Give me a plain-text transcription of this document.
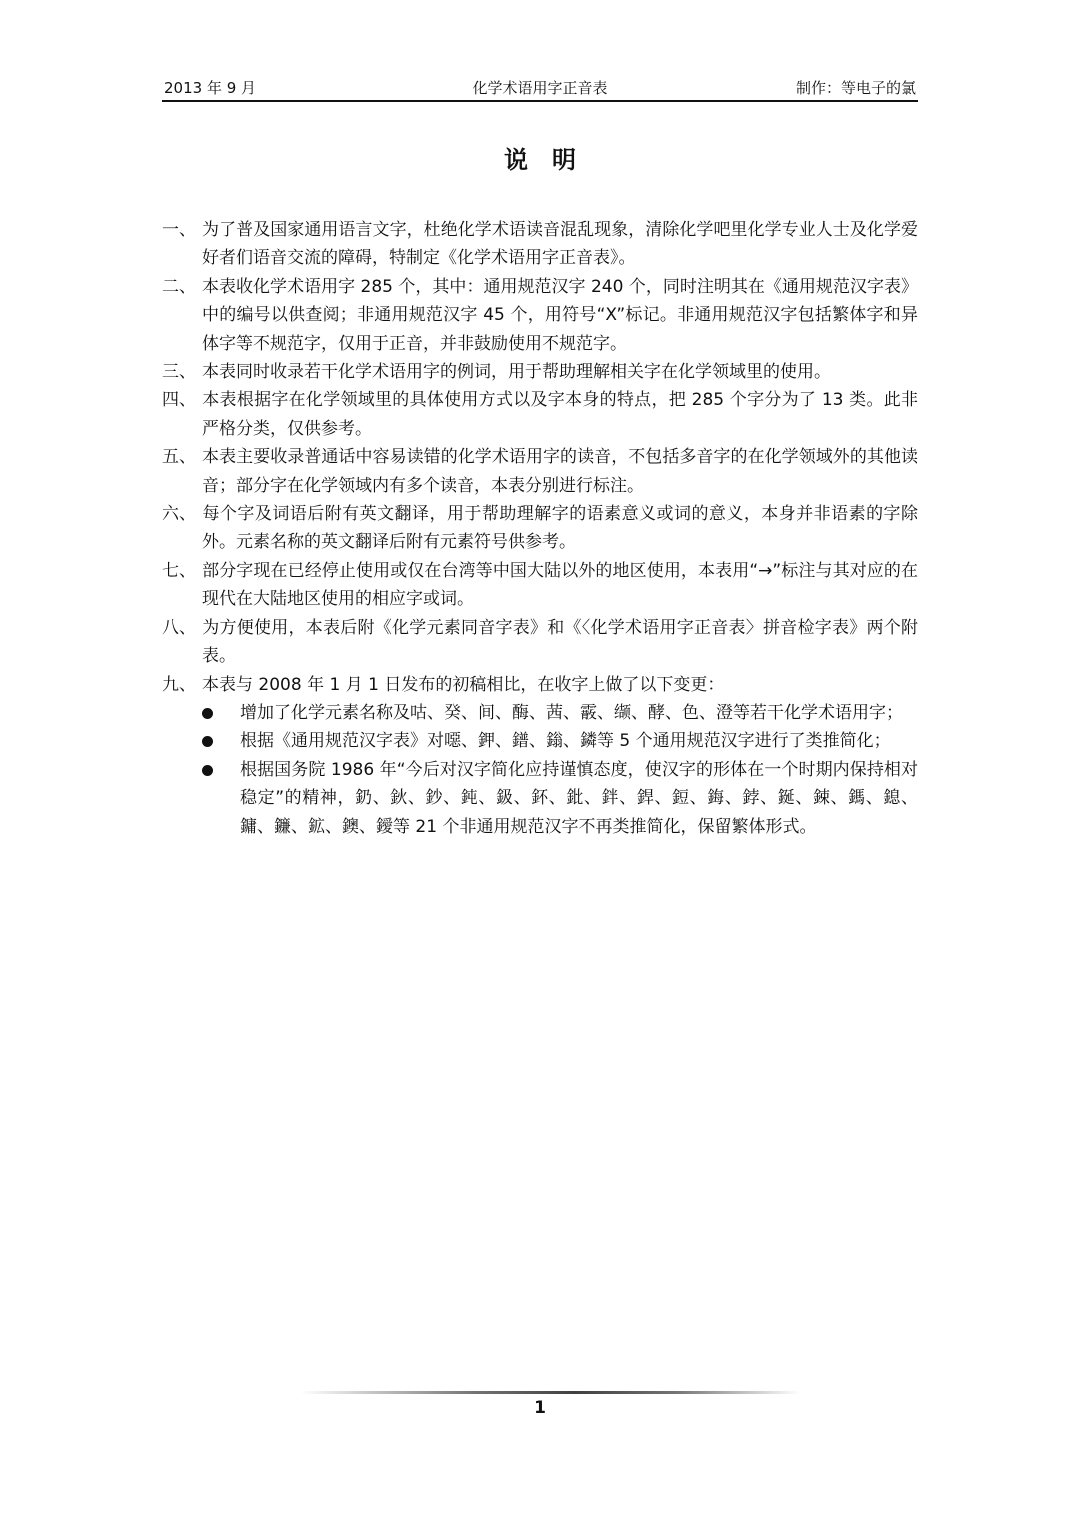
2013 年 9 月	化学术语用字正音表	制作：等电子的氯
说明

一、 为了普及国家通用语言文字，杜绝化学术语读音混乱现象，清除化学吧里化学专业人士及化学爱好者们语音交流的障碍，特制定《化学术语用字正音表》。

二、 本表收化学术语用字 285 个，其中：通用规范汉字 240 个，同时注明其在《通用规范汉字表》中的编号以供查阅；非通用规范汉字 45 个，用符号“X”标记。非通用规范汉字包括繁体字和异体字等不规范字，仅用于正音，并非鼓励使用不规范字。

三、 本表同时收录若干化学术语用字的例词，用于帮助理解相关字在化学领域里的使用。

四、 本表根据字在化学领域里的具体使用方式以及字本身的特点，把 285 个字分为了 13 类。此非严格分类，仅供参考。

五、 本表主要收录普通话中容易读错的化学术语用字的读音，不包括多音字的在化学领域外的其他读音；部分字在化学领域内有多个读音，本表分别进行标注。

六、 每个字及词语后附有英文翻译，用于帮助理解字的语素意义或词的意义，本身并非语素的字除外。元素名称的英文翻译后附有元素符号供参考。

七、 部分字现在已经停止使用或仅在台湾等中国大陆以外的地区使用，本表用“→”标注与其对应的在现代在大陆地区使用的相应字或词。

八、 为方便使用，本表后附《化学元素同音字表》和《〈化学术语用字正音表〉拼音检字表》两个附表。

九、 本表与 2008 年 1 月 1 日发布的初稿相比，在收字上做了以下变更：

增加了化学元素名称及咕、癸、间、酶、茜、霰、缬、酵、色、澄等若干化学术语用字；
根据《通用规范汉字表》对噁、鉀、鐠、鎓、鏻等 5 个通用规范汉字进行了类推简化；
根据国务院 1986 年“今后对汉字简化应持谨慎态度，使汉字的形体在一个时期内保持相对稳定”的精神，釢、鈥、鈔、鈍、鈒、鈈、鈚、鉡、銲、鋀、鋂、鋍、鋋、鋉、鎷、鎴、鏞、鐮、鉱、鐭、鑀等 21 个非通用规范汉字不再类推简化，保留繁体形式。
1
